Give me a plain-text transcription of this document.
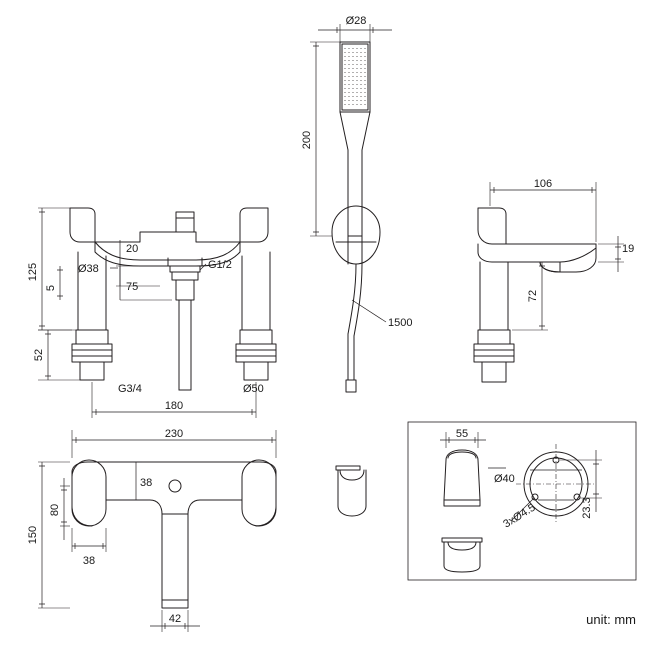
125
20
5	75
52
Ø38	G1/2
G3/4	Ø50
180
Ø28
200
1500
106
19
72
230
150
80
38
38
42
55
Ø40
3xØ4.5	23.3
unit: mm
